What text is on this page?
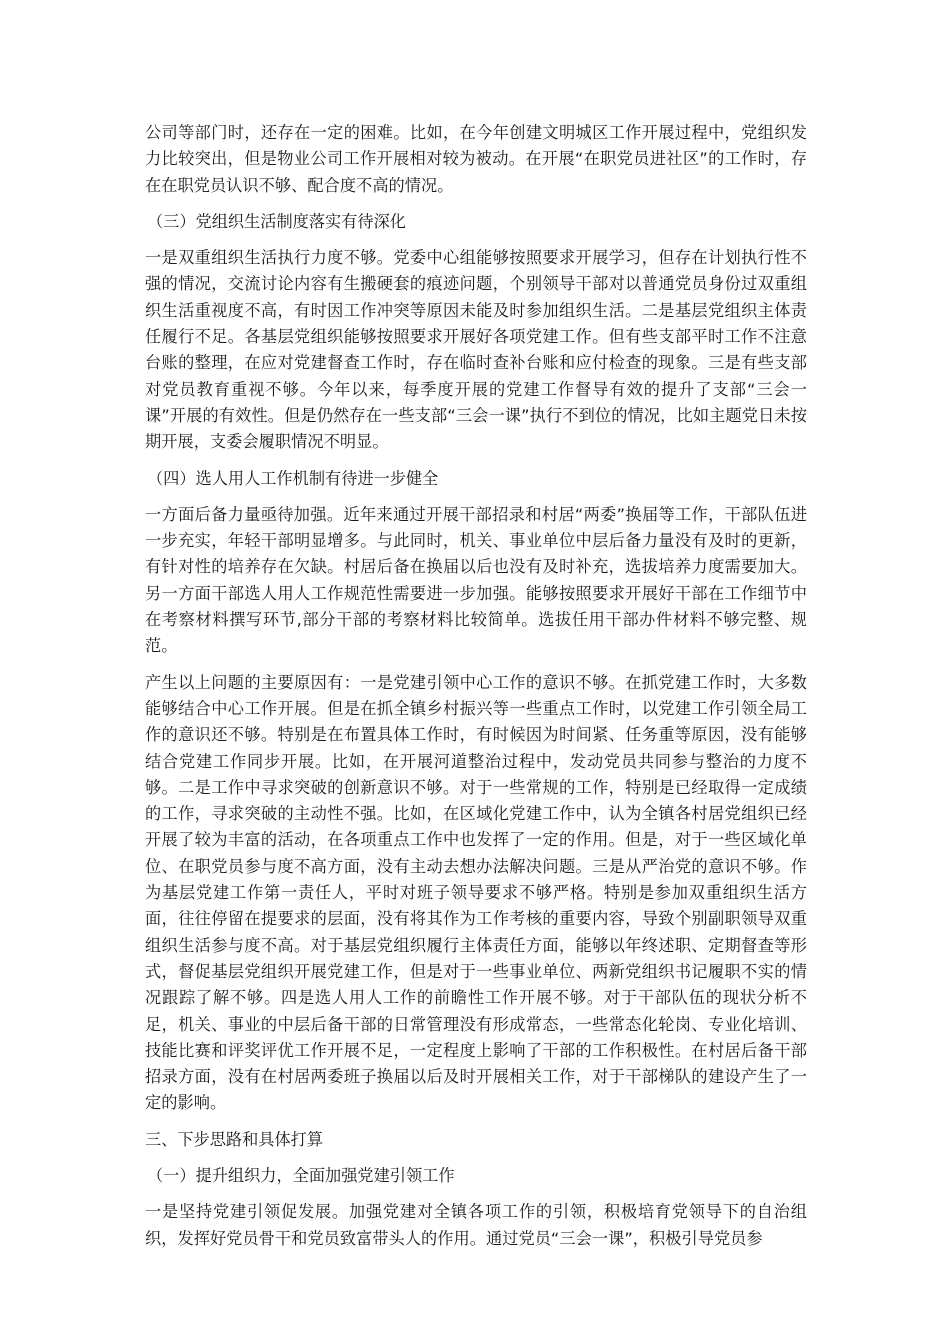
公司等部门时，还存在一定的困难。比如，在今年创建文明城区工作开展过程中，党组织发力比较突出，但是物业公司工作开展相对较为被动。在开展“在职党员进社区”的工作时，存在在职党员认识不够、配合度不高的情况。

（三）党组织生活制度落实有待深化

一是双重组织生活执行力度不够。党委中心组能够按照要求开展学习，但存在计划执行性不强的情况，交流讨论内容有生搬硬套的痕迹问题，个别领导干部对以普通党员身份过双重组织生活重视度不高，有时因工作冲突等原因未能及时参加组织生活。二是基层党组织主体责任履行不足。各基层党组织能够按照要求开展好各项党建工作。但有些支部平时工作不注意台账的整理，在应对党建督查工作时，存在临时查补台账和应付检查的现象。三是有些支部对党员教育重视不够。今年以来，每季度开展的党建工作督导有效的提升了支部“三会一课”开展的有效性。但是仍然存在一些支部“三会一课”执行不到位的情况，比如主题党日未按期开展，支委会履职情况不明显。

（四）选人用人工作机制有待进一步健全

一方面后备力量亟待加强。近年来通过开展干部招录和村居“两委”换届等工作，干部队伍进一步充实，年轻干部明显增多。与此同时，机关、事业单位中层后备力量没有及时的更新，有针对性的培养存在欠缺。村居后备在换届以后也没有及时补充，选拔培养力度需要加大。另一方面干部选人用人工作规范性需要进一步加强。能够按照要求开展好干部在工作细节中在考察材料撰写环节,部分干部的考察材料比较简单。选拔任用干部办件材料不够完整、规范。

产生以上问题的主要原因有：一是党建引领中心工作的意识不够。在抓党建工作时，大多数能够结合中心工作开展。但是在抓全镇乡村振兴等一些重点工作时，以党建工作引领全局工作的意识还不够。特别是在布置具体工作时，有时候因为时间紧、任务重等原因，没有能够结合党建工作同步开展。比如，在开展河道整治过程中，发动党员共同参与整治的力度不够。二是工作中寻求突破的创新意识不够。对于一些常规的工作，特别是已经取得一定成绩的工作，寻求突破的主动性不强。比如，在区域化党建工作中，认为全镇各村居党组织已经开展了较为丰富的活动，在各项重点工作中也发挥了一定的作用。但是，对于一些区域化单位、在职党员参与度不高方面，没有主动去想办法解决问题。三是从严治党的意识不够。作为基层党建工作第一责任人，平时对班子领导要求不够严格。特别是参加双重组织生活方面，往往停留在提要求的层面，没有将其作为工作考核的重要内容，导致个别副职领导双重组织生活参与度不高。对于基层党组织履行主体责任方面，能够以年终述职、定期督查等形式，督促基层党组织开展党建工作，但是对于一些事业单位、两新党组织书记履职不实的情况跟踪了解不够。四是选人用人工作的前瞻性工作开展不够。对于干部队伍的现状分析不足，机关、事业的中层后备干部的日常管理没有形成常态，一些常态化轮岗、专业化培训、技能比赛和评奖评优工作开展不足，一定程度上影响了干部的工作积极性。在村居后备干部招录方面，没有在村居两委班子换届以后及时开展相关工作，对于干部梯队的建设产生了一定的影响。

三、下步思路和具体打算

（一）提升组织力，全面加强党建引领工作

一是坚持党建引领促发展。加强党建对全镇各项工作的引领，积极培育党领导下的自治组织，发挥好党员骨干和党员致富带头人的作用。通过党员“三会一课”，积极引导党员参
